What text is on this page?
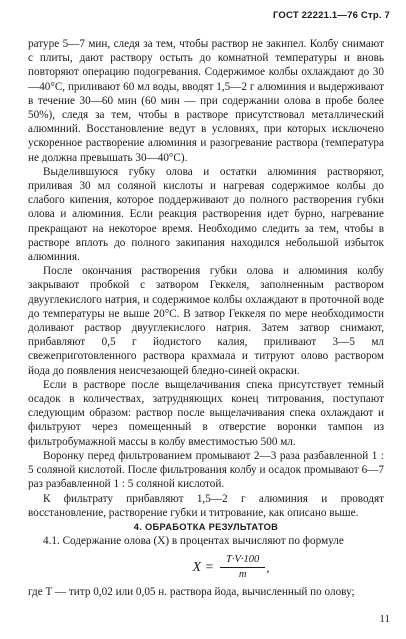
ГОСТ 22221.1—76 Стр. 7

ратуре 5—7 мин, следя за тем, чтобы раствор не закипел. Колбу снимают с плиты, дают раствору остыть до комнатной температуры и вновь повторяют операцию подогревания. Содержимое колбы охлаждают до 30—40°С, приливают 60 мл воды, вводят 1,5—2 г алюминия и выдерживают в течение 30—60 мин (60 мин — при содержании олова в пробе более 50%), следя за тем, чтобы в растворе присутствовал металлический алюминий. Восстановление ведут в условиях, при которых исключено ускоренное растворение алюминия и разогревание раствора (температура не должна превышать 30—40°С).

Выделившуюся губку олова и остатки алюминия растворяют, приливая 30 мл соляной кислоты и нагревая содержимое колбы до слабого кипения, которое поддерживают до полного растворения губки олова и алюминия. Если реакция растворения идет бурно, нагревание прекращают на некоторое время. Необходимо следить за тем, чтобы в растворе вплоть до полного закипания находился небольшой избыток алюминия.

После окончания растворения губки олова и алюминия колбу закрывают пробкой с затвором Геккеля, заполненным раствором двууглекислого натрия, и содержимое колбы охлаждают в проточной воде до температуры не выше 20°С. В затвор Геккеля по мере необходимости доливают раствор двууглекислого натрия. Затем затвор снимают, прибавляют 0,5 г йодистого калия, приливают 3—5 мл свежеприготовленного раствора крахмала и титруют олово раствором йода до появления неисчезающей бледно-синей окраски.

Если в растворе после выщелачивания спека присутствует темный осадок в количествах, затрудняющих конец титрования, поступают следующим образом: раствор после выщелачивания спека охлаждают и фильтруют через помещенный в отверстие воронки тампон из фильтробумажной массы в колбу вместимостью 500 мл.

Воронку перед фильтрованием промывают 2—3 раза разбавленной 1 : 5 соляной кислотой. После фильтрования колбу и осадок промывают 6—7 раз разбавленной 1 : 5 соляной кислотой.

К фильтрату прибавляют 1,5—2 г алюминия и проводят восстановление, растворение губки и титрование, как описано выше.

4. ОБРАБОТКА РЕЗУЛЬТАТОВ

4.1. Содержание олова (X) в процентах вычисляют по формуле

$X = \frac{T\cdot V\cdot 100}{m}$ ,
где T — титр 0,02 или 0,05 н. раствора йода, вычисленный по олову;
11
